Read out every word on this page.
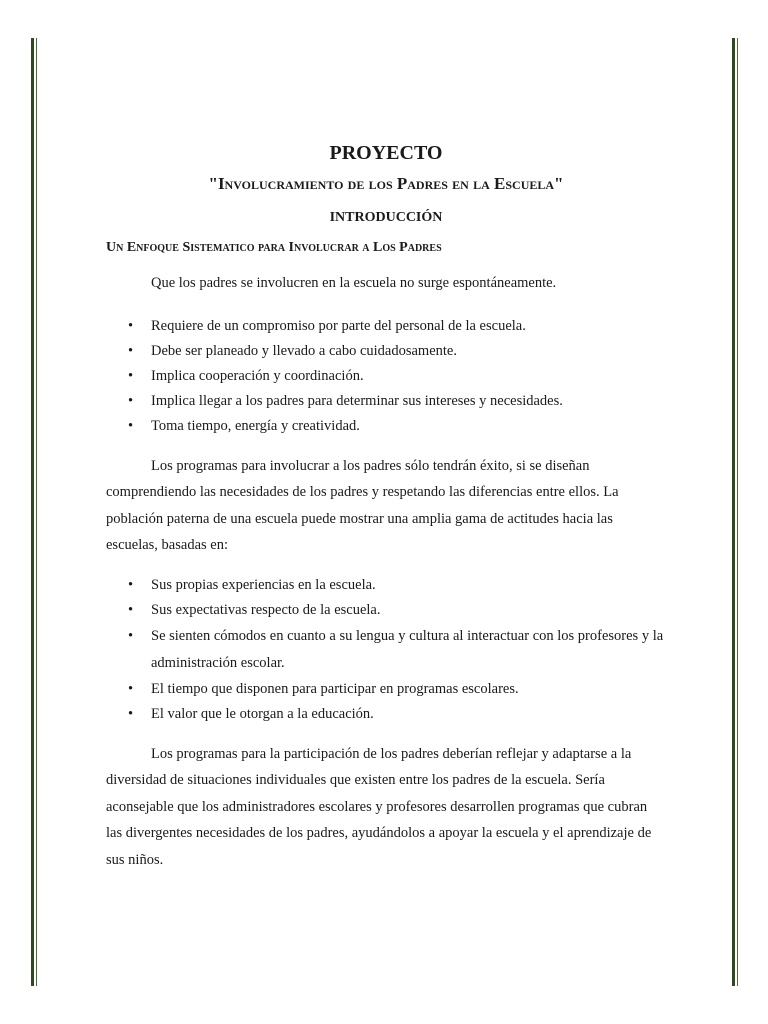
PROYECTO
"Involucramiento de los Padres en la Escuela"
INTRODUCCIÓN
Un Enfoque Sistematico para Involucrar a Los Padres

Que los padres se involucren en la escuela no surge espontáneamente.

• Requiere de un compromiso por parte del personal de la escuela.
• Debe ser planeado y llevado a cabo cuidadosamente.
• Implica cooperación y coordinación.
• Implica llegar a los padres para determinar sus intereses y necesidades.
• Toma tiempo, energía y creatividad.

Los programas para involucrar a los padres sólo tendrán éxito, si se diseñan comprendiendo las necesidades de los padres y respetando las diferencias entre ellos. La población paterna de una escuela puede mostrar una amplia gama de actitudes hacia las escuelas, basadas en:

• Sus propias experiencias en la escuela.
• Sus expectativas respecto de la escuela.
• Se sienten cómodos en cuanto a su lengua y cultura al interactuar con los profesores y la administración escolar.
• El tiempo que disponen para participar en programas escolares.
• El valor que le otorgan a la educación.

Los programas para la participación de los padres deberían reflejar y adaptarse a la diversidad de situaciones individuales que existen entre los padres de la escuela. Sería aconsejable que los administradores escolares y profesores desarrollen programas que cubran las divergentes necesidades de los padres, ayudándolos a apoyar la escuela y el aprendizaje de sus niños.
